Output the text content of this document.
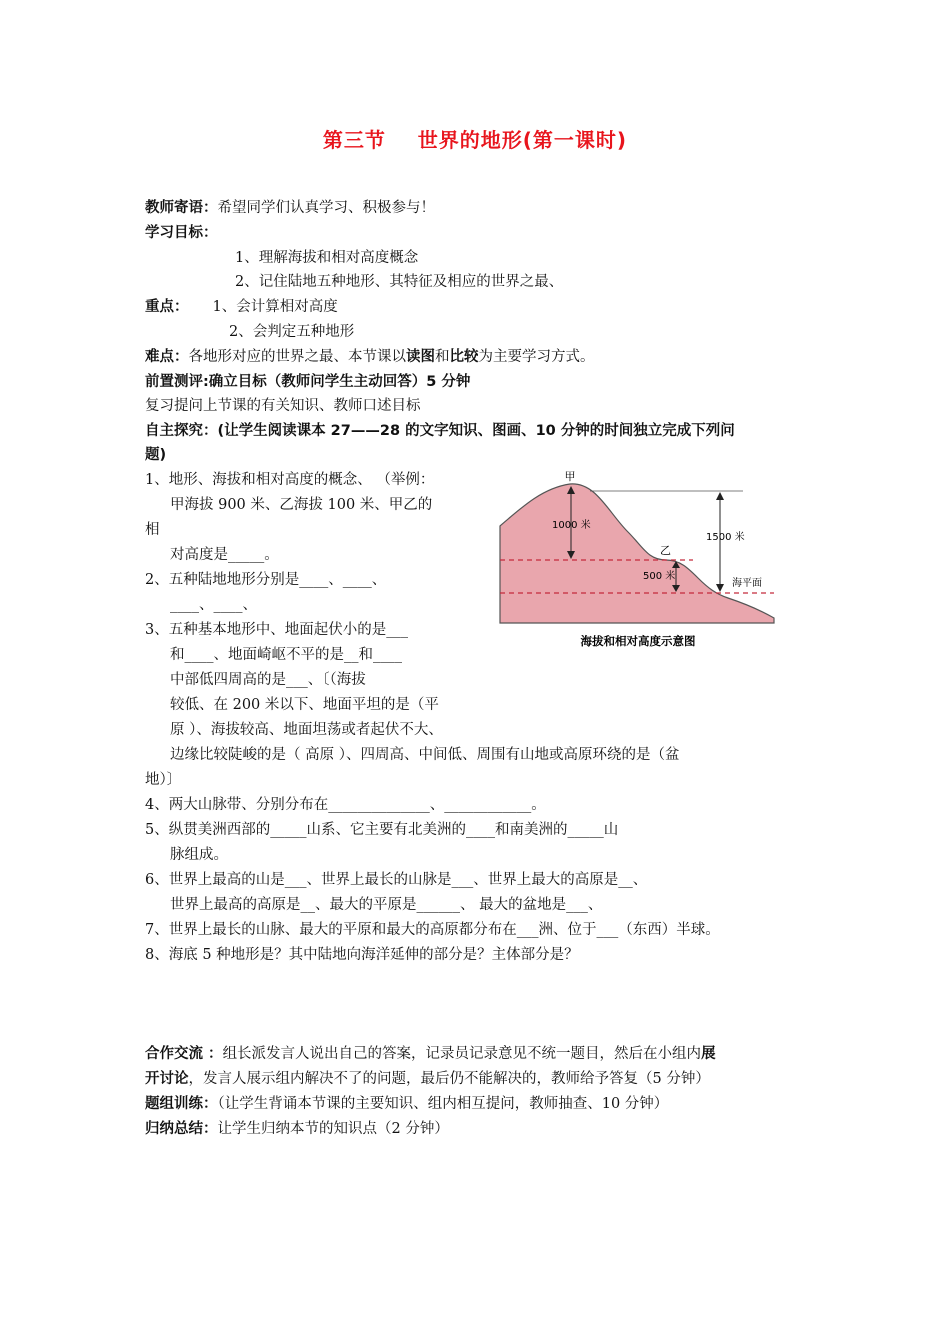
第三节    世界的地形(第一课时)
教师寄语：希望同学们认真学习、积极参与！
学习目标：
1、理解海拔和相对高度概念
2、记住陆地五种地形、其特征及相应的世界之最、
重点： 1、会计算相对高度
2、会判定五种地形
难点：各地形对应的世界之最、本节课以读图和比较为主要学习方式。
前置测评:确立目标（教师问学生主动回答）5 分钟
复习提问上节课的有关知识、教师口述目标
自主探究：(让学生阅读课本 27——28 的文字知识、图画、10 分钟的时间独立完成下列问
题)
1、地形、海拔和相对高度的概念、 （举例：
甲海拔 900 米、乙海拔 100 米、甲乙的
相
对高度是_____。
2、五种陆地地形分别是____、____、
____、____、
3、五种基本地形中、地面起伏小的是___
和____、地面崎岖不平的是__和____
中部低四周高的是___、〔（海拔
较低、在 200 米以下、地面平坦的是（平
原 ）、海拔较高、地面坦荡或者起伏不大、
边缘比较陡峻的是（ 高原 ）、四周高、中间低、周围有山地或高原环绕的是（盆
地）〕
4、两大山脉带、分别分布在______________、____________。
5、纵贯美洲西部的_____山系、它主要有北美洲的____和南美洲的_____山
脉组成。
6、世界上最高的山是___、世界上最长的山脉是___、世界上最大的高原是__、
世界上最高的高原是__、最大的平原是______、 最大的盆地是___、
7、世界上最长的山脉、最大的平原和最大的高原都分布在___洲、位于___（东西）半球。
8、海底 5 种地形是？其中陆地向海洋延伸的部分是？主体部分是？
合作交流 ：组长派发言人说出自己的答案，记录员记录意见不统一题目，然后在小组内展
开讨论，发言人展示组内解决不了的问题，最后仍不能解决的，教师给予答复（5 分钟）
题组训练：（让学生背诵本节课的主要知识、组内相互提问，教师抽查、10 分钟）
归纳总结：让学生归纳本节的知识点（2 分钟）
甲
1000 米
乙
500 米
1500 米
海平面
海拔和相对高度示意图
